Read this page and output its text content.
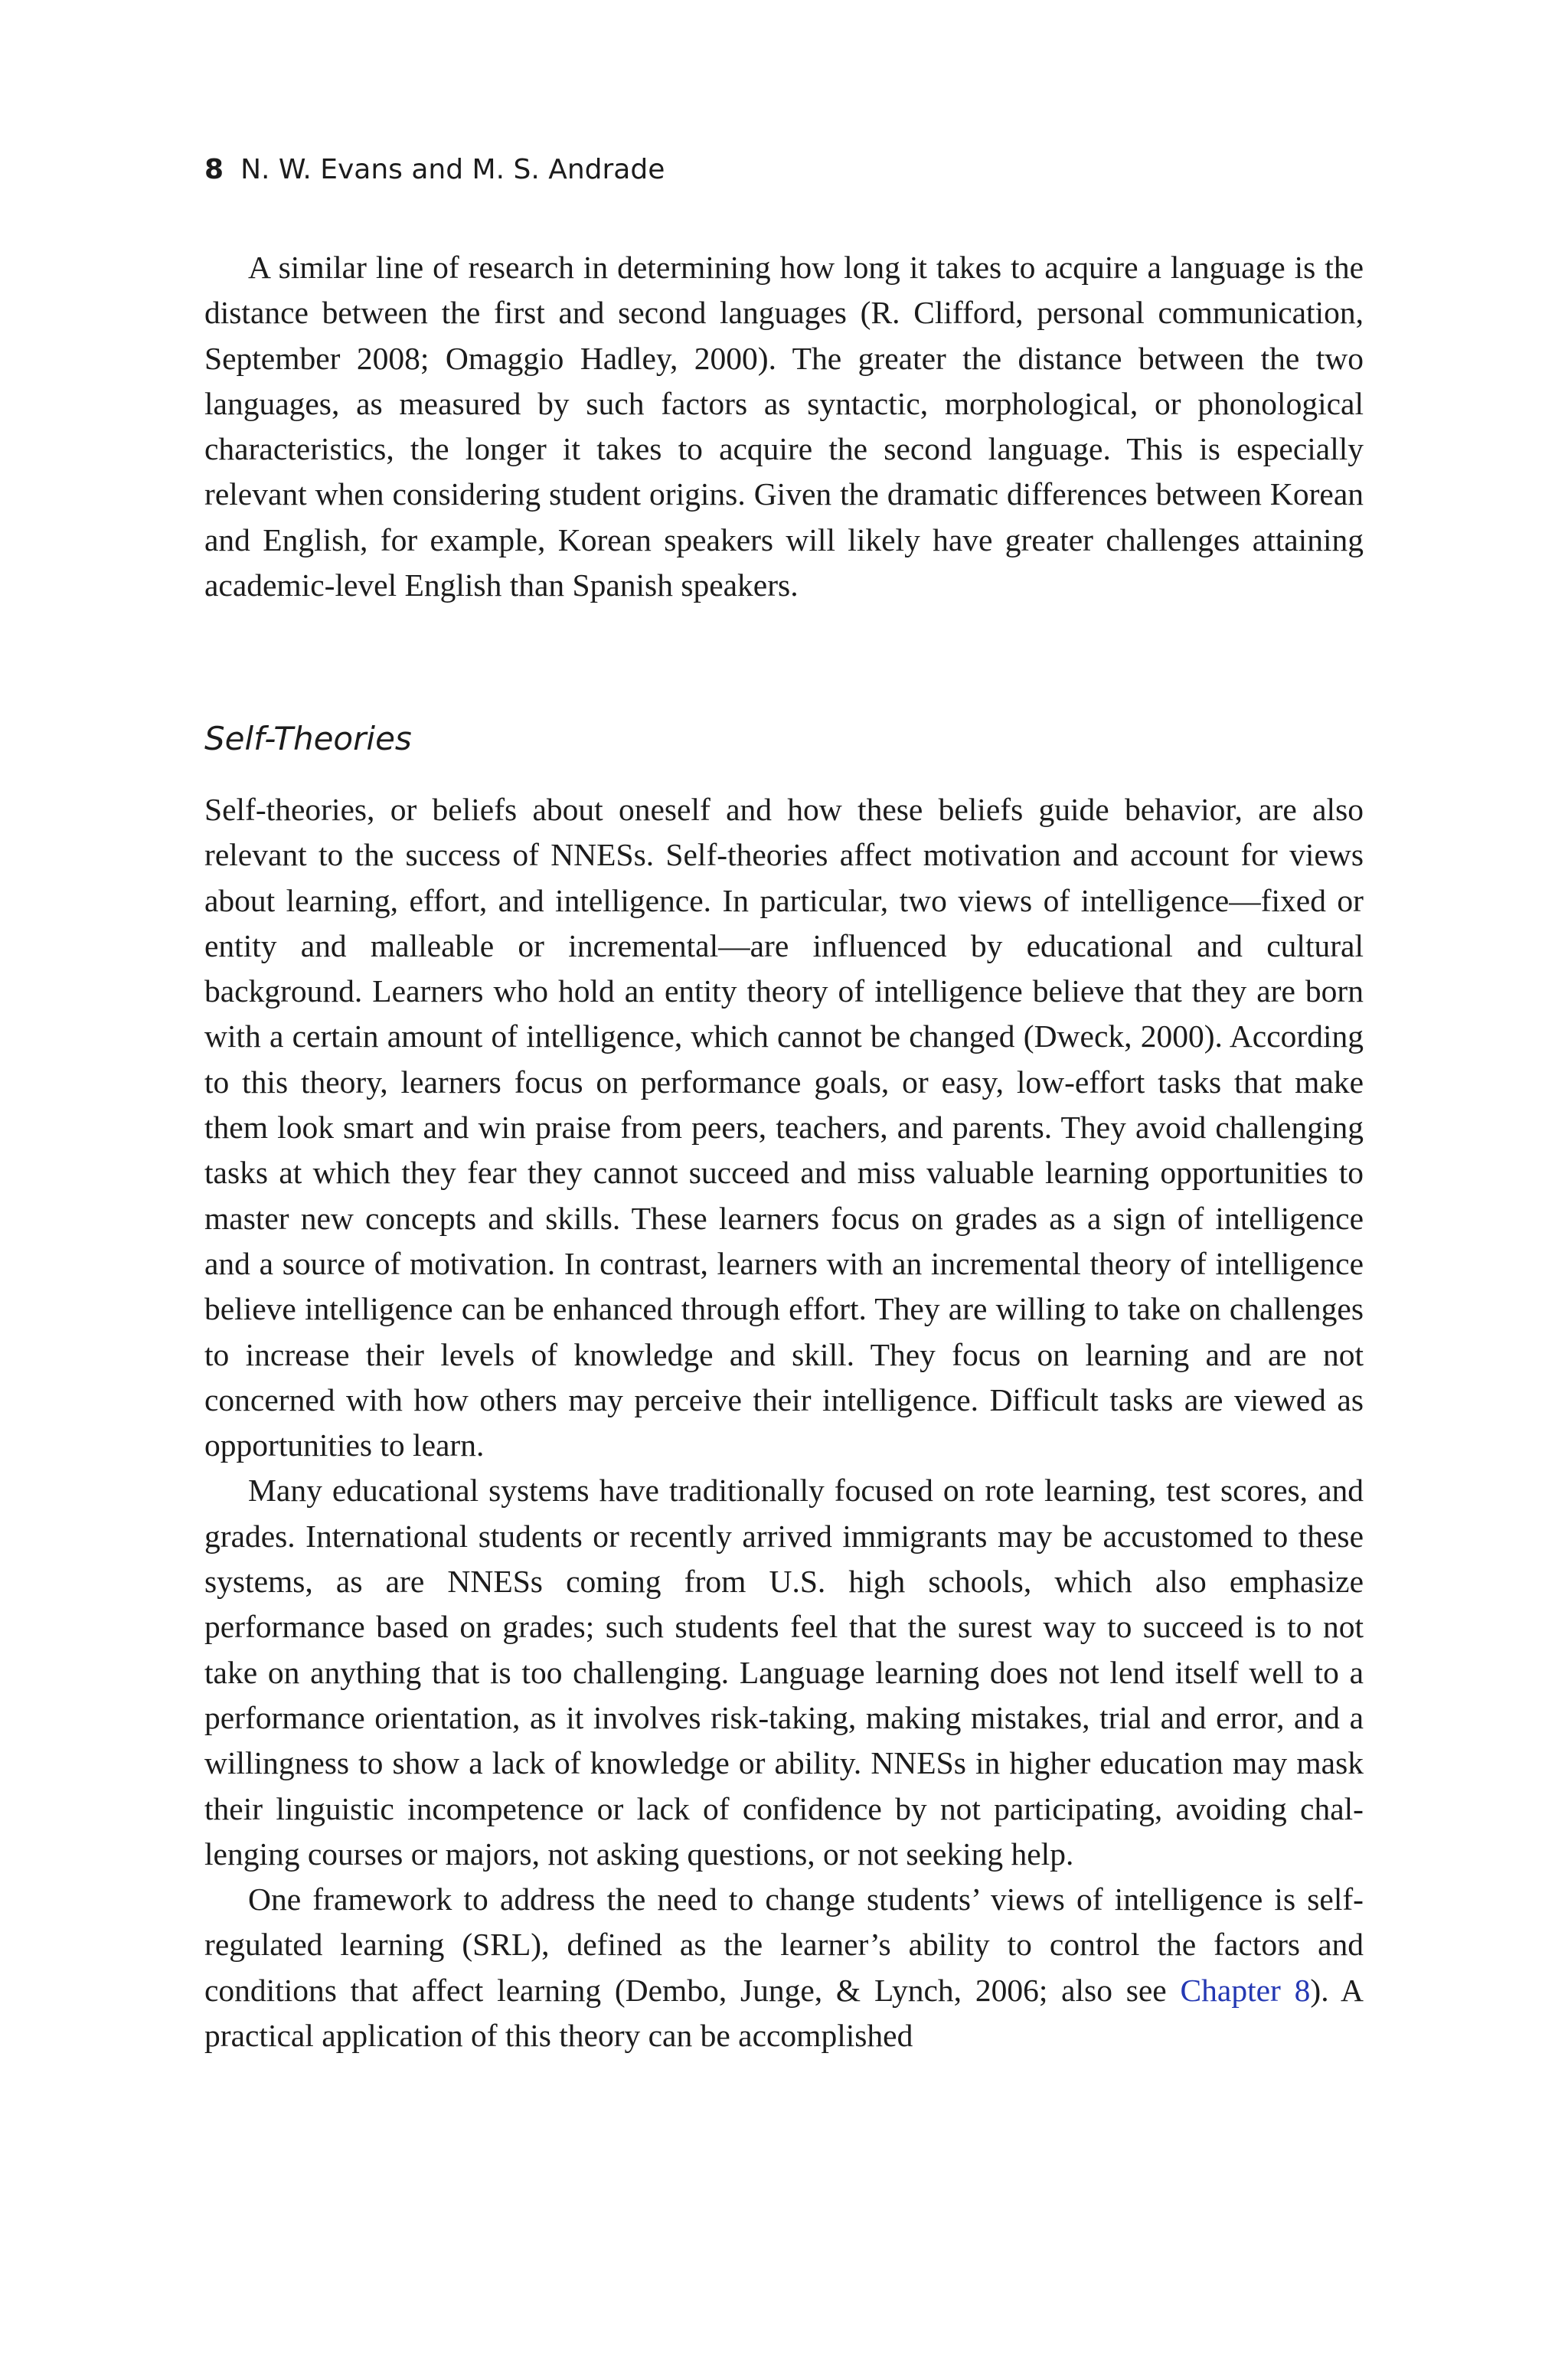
8 N. W. Evans and M. S. Andrade

A similar line of research in determining how long it takes to acquire a language is the distance between the first and second languages (R. Clifford, personal communication, September 2008; Omaggio Hadley, 2000). The greater the distance between the two languages, as measured by such factors as syntactic, morphological, or phonological characteristics, the longer it takes to acquire the second language. This is especially relevant when considering student origins. Given the dramatic differences between Korean and English, for example, Korean speakers will likely have greater challenges attaining academic-level English than Spanish speakers.

Self-Theories

Self-theories, or beliefs about oneself and how these beliefs guide behavior, are also relevant to the success of NNESs. Self-theories affect motivation and account for views about learning, effort, and intelligence. In particular, two views of intelligence—fixed or entity and malleable or incremental—are influenced by educational and cultural background. Learners who hold an entity theory of intelligence believe that they are born with a certain amount of intelligence, which cannot be changed (Dweck, 2000). According to this theory, learners focus on performance goals, or easy, low-effort tasks that make them look smart and win praise from peers, teachers, and parents. They avoid challenging tasks at which they fear they cannot succeed and miss valuable learning opportunities to master new concepts and skills. These learners focus on grades as a sign of intelligence and a source of motivation. In contrast, learners with an incremental theory of intelligence believe intelligence can be enhanced through effort. They are willing to take on challenges to increase their levels of knowledge and skill. They focus on learning and are not concerned with how others may perceive their intelligence. Difficult tasks are viewed as opportunities to learn.

Many educational systems have traditionally focused on rote learning, test scores, and grades. International students or recently arrived immigrants may be accustomed to these systems, as are NNESs coming from U.S. high schools, which also emphasize performance based on grades; such students feel that the surest way to succeed is to not take on anything that is too challenging. Language learning does not lend itself well to a performance orientation, as it involves risk-taking, making mistakes, trial and error, and a willingness to show a lack of knowledge or ability. NNESs in higher education may mask their linguistic incompetence or lack of confidence by not participating, avoiding challenging courses or majors, not asking questions, or not seeking help.

One framework to address the need to change students’ views of intelligence is self-regulated learning (SRL), defined as the learner’s ability to control the factors and conditions that affect learning (Dembo, Junge, & Lynch, 2006; also see Chapter 8). A practical application of this theory can be accomplished
